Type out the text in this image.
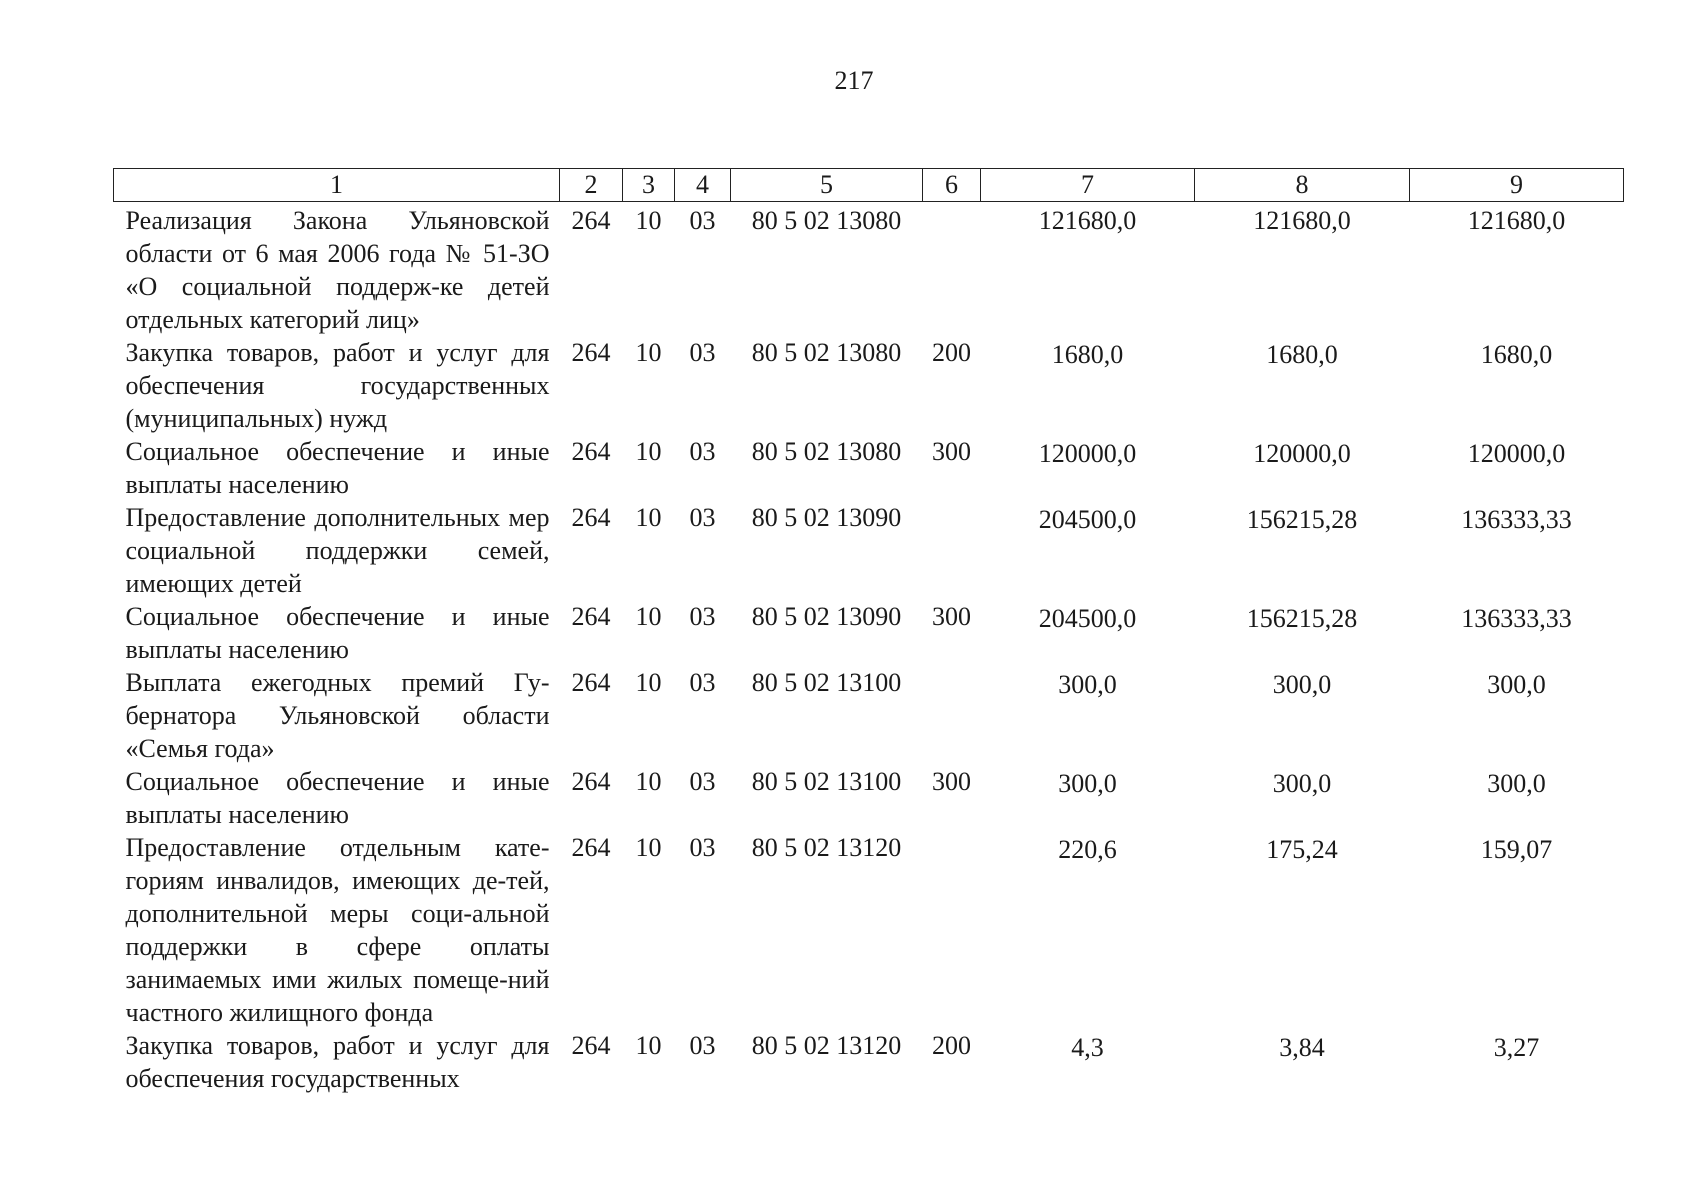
217
1	2	3	4	5	6	7	8	9
Реализация Закона Ульяновской области от 6 мая 2006 года № 51-ЗО «О социальной поддерж-ке детей отдельных категорий лиц»	264	10	03	80 5 02 13080		121680,0	121680,0	121680,0
Закупка товаров, работ и услуг для обеспечения государственных (муниципальных) нужд	264	10	03	80 5 02 13080	200	1680,0	1680,0	1680,0
Социальное обеспечение и иные выплаты населению	264	10	03	80 5 02 13080	300	120000,0	120000,0	120000,0
Предоставление дополнительных мер социальной поддержки семей, имеющих детей	264	10	03	80 5 02 13090		204500,0	156215,28	136333,33
Социальное обеспечение и иные выплаты населению	264	10	03	80 5 02 13090	300	204500,0	156215,28	136333,33
Выплата ежегодных премий Гу-бернатора Ульяновской области «Семья года»	264	10	03	80 5 02 13100		300,0	300,0	300,0
Социальное обеспечение и иные выплаты населению	264	10	03	80 5 02 13100	300	300,0	300,0	300,0
Предоставление отдельным кате-гориям инвалидов, имеющих де-тей, дополнительной меры соци-альной поддержки в сфере оплаты занимаемых ими жилых помеще-ний частного жилищного фонда	264	10	03	80 5 02 13120		220,6	175,24	159,07
Закупка товаров, работ и услуг для обеспечения государственных	264	10	03	80 5 02 13120	200	4,3	3,84	3,27
